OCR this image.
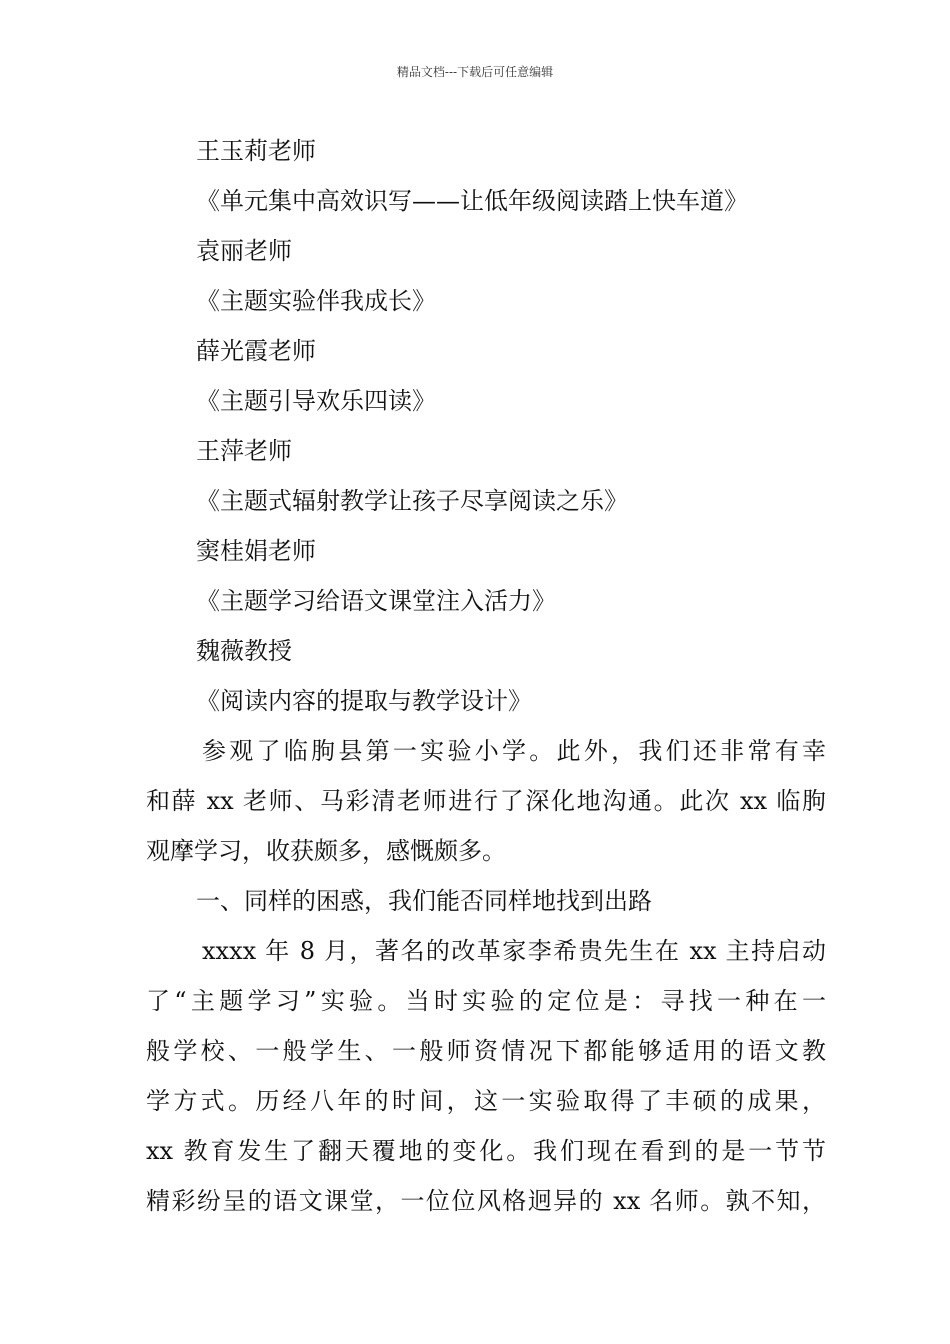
精品文档---下载后可任意编辑
王玉莉老师
《单元集中高效识写——让低年级阅读踏上快车道》
袁丽老师
《主题实验伴我成长》
薛光霞老师
《主题引导欢乐四读》
王萍老师
《主题式辐射教学让孩子尽享阅读之乐》
窦桂娟老师
《主题学习给语文课堂注入活力》
魏薇教授
《阅读内容的提取与教学设计》
参观了临朐县第一实验小学。此外，我们还非常有幸
和薛 xx 老师、马彩清老师进行了深化地沟通。此次 xx 临朐
观摩学习，收获颇多，感慨颇多。
一、同样的困惑，我们能否同样地找到出路
xxxx 年 8 月，著名的改革家李希贵先生在 xx 主持启动
了“主题学习”实验。当时实验的定位是：寻找一种在一
般学校、一般学生、一般师资情况下都能够适用的语文教
学方式。历经八年的时间，这一实验取得了丰硕的成果，
xx 教育发生了翻天覆地的变化。我们现在看到的是一节节
精彩纷呈的语文课堂，一位位风格迥异的 xx 名师。孰不知，
